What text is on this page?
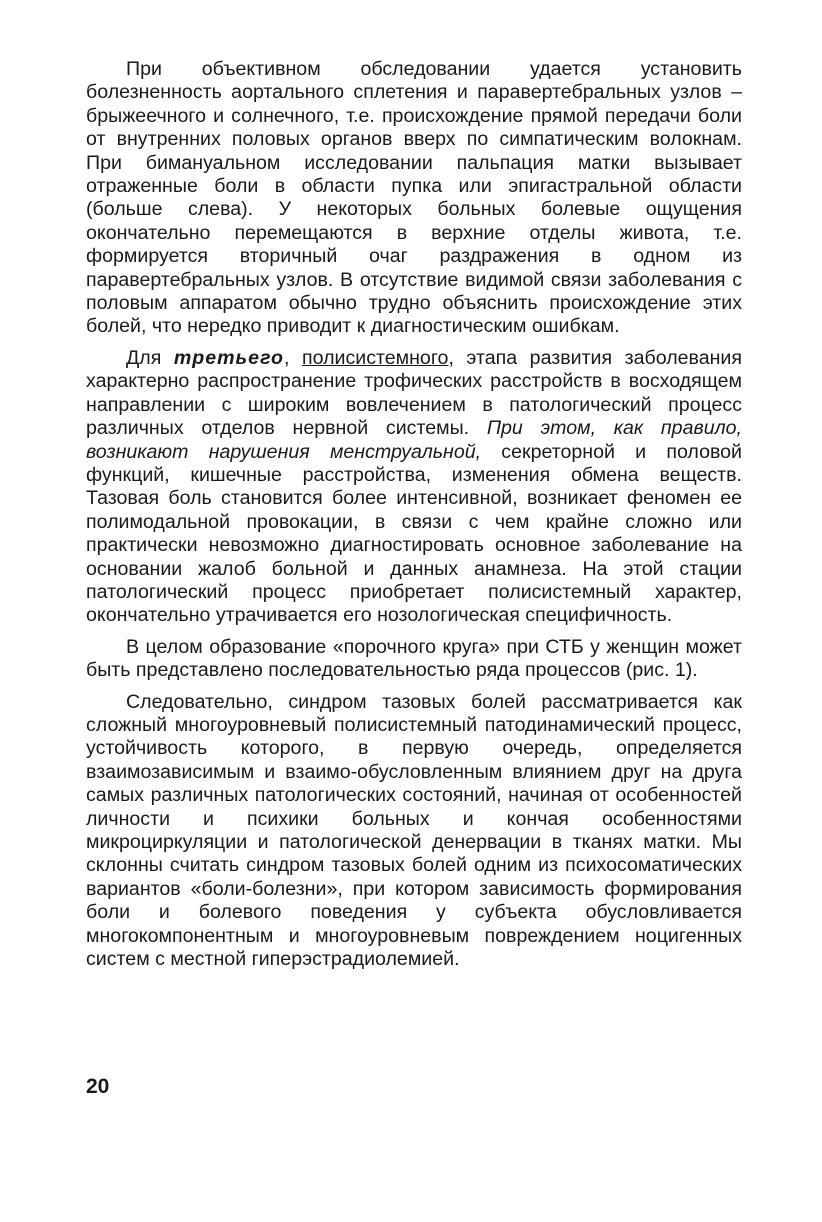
При объективном обследовании удается установить болезненность аортального сплетения и паравертебральных узлов – брыжеечного и солнечного, т.е. происхождение прямой передачи боли от внутренних половых органов вверх по симпатическим волокнам. При бимануальном исследовании пальпация матки вызывает отраженные боли в области пупка или эпигастральной области (больше слева). У некоторых больных болевые ощущения окончательно перемещаются в верхние отделы живота, т.е. формируется вторичный очаг раздражения в одном из паравертебральных узлов. В отсутствие видимой связи заболевания с половым аппаратом обычно трудно объяснить происхождение этих болей, что нередко приводит к диагностическим ошибкам.

Для третьего, полисистемного, этапа развития заболевания характерно распространение трофических расстройств в восходящем направлении с широким вовлечением в патологический процесс различных отделов нервной системы. При этом, как правило, возникают нарушения менструальной, секреторной и половой функций, кишечные расстройства, изменения обмена веществ. Тазовая боль становится более интенсивной, возникает феномен ее полимодальной провокации, в связи с чем крайне сложно или практически невозможно диагностировать основное заболевание на основании жалоб больной и данных анамнеза. На этой стации патологический процесс приобретает полисистемный характер, окончательно утрачивается его нозологическая специфичность.

В целом образование «порочного круга» при СТБ у женщин может быть представлено последовательностью ряда процессов (рис. 1).

Следовательно, синдром тазовых болей рассматривается как сложный многоуровневый полисистемный патодинамический процесс, устойчивость которого, в первую очередь, определяется взаимозависимым и взаимо-обусловленным влиянием друг на друга самых различных патологических состояний, начиная от особенностей личности и психики больных и кончая особенностями микроциркуляции и патологической денервации в тканях матки. Мы склонны считать синдром тазовых болей одним из психосоматических вариантов «боли-болезни», при котором зависимость формирования боли и болевого поведения у субъекта обусловливается многокомпонентным и многоуровневым повреждением ноцигенных систем с местной гиперэстрадиолемией.

20
